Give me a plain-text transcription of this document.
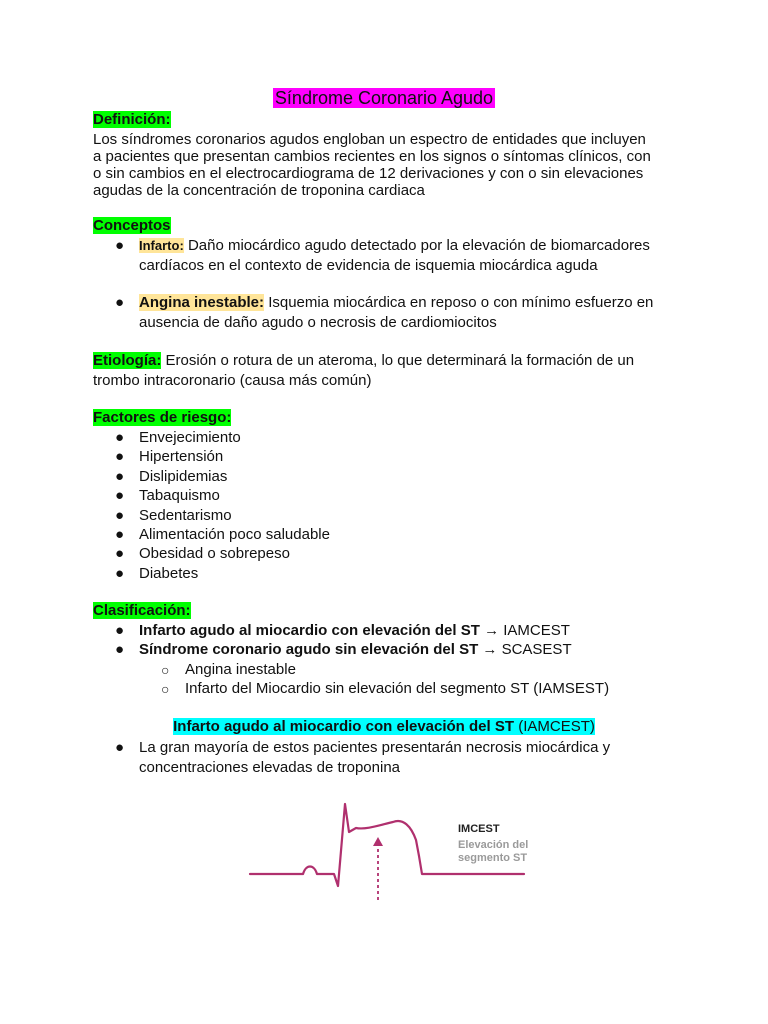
Síndrome Coronario Agudo
Definición:
Los síndromes coronarios agudos engloban un espectro de entidades que incluyen
a pacientes que presentan cambios recientes en los signos o síntomas clínicos, con
o sin cambios en el electrocardiograma de 12 derivaciones y con o sin elevaciones
agudas de la concentración de troponina cardiaca
Conceptos
● Infarto: Daño miocárdico agudo detectado por la elevación de biomarcadores
cardíacos en el contexto de evidencia de isquemia miocárdica aguda
● Angina inestable: Isquemia miocárdica en reposo o con mínimo esfuerzo en
ausencia de daño agudo o necrosis de cardiomiocitos
Etiología: Erosión o rotura de un ateroma, lo que determinará la formación de un
trombo intracoronario (causa más común)
Factores de riesgo:
● Envejecimiento
● Hipertensión
● Dislipidemias
● Tabaquismo
● Sedentarismo
● Alimentación poco saludable
● Obesidad o sobrepeso
● Diabetes
Clasificación:
● Infarto agudo al miocardio con elevación del ST → IAMCEST
● Síndrome coronario agudo sin elevación del ST → SCASEST
○ Angina inestable
○ Infarto del Miocardio sin elevación del segmento ST (IAMSEST)
Infarto agudo al miocardio con elevación del ST (IAMCEST)
● La gran mayoría de estos pacientes presentarán necrosis miocárdica y
concentraciones elevadas de troponina
IMCEST
Elevación del
segmento ST
